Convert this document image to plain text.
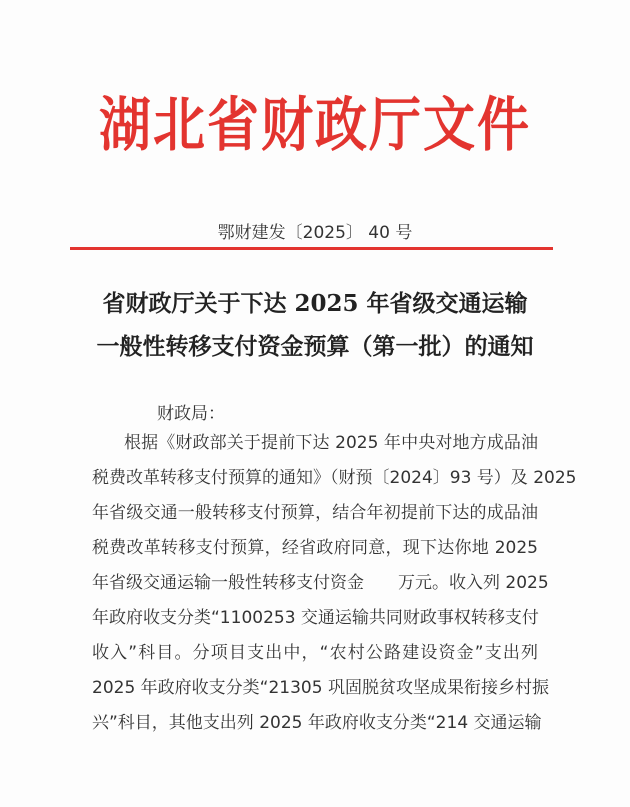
湖北省财政厅文件
鄂财建发〔2025〕 40 号
省财政厅关于下达 2025 年省级交通运输
一般性转移支付资金预算（第一批）的通知
财政局：
根据《财政部关于提前下达 2025 年中央对地方成品油
税费改革转移支付预算的通知》（财预〔2024〕93 号）及 2025
年省级交通一般转移支付预算，结合年初提前下达的成品油
税费改革转移支付预算，经省政府同意，现下达你地 2025
年省级交通运输一般性转移支付资金　　万元。收入列 2025
年政府收支分类“1100253 交通运输共同财政事权转移支付
收入”科目。分项目支出中，“农村公路建设资金”支出列
2025 年政府收支分类“21305 巩固脱贫攻坚成果衔接乡村振
兴”科目，其他支出列 2025 年政府收支分类“214 交通运输
